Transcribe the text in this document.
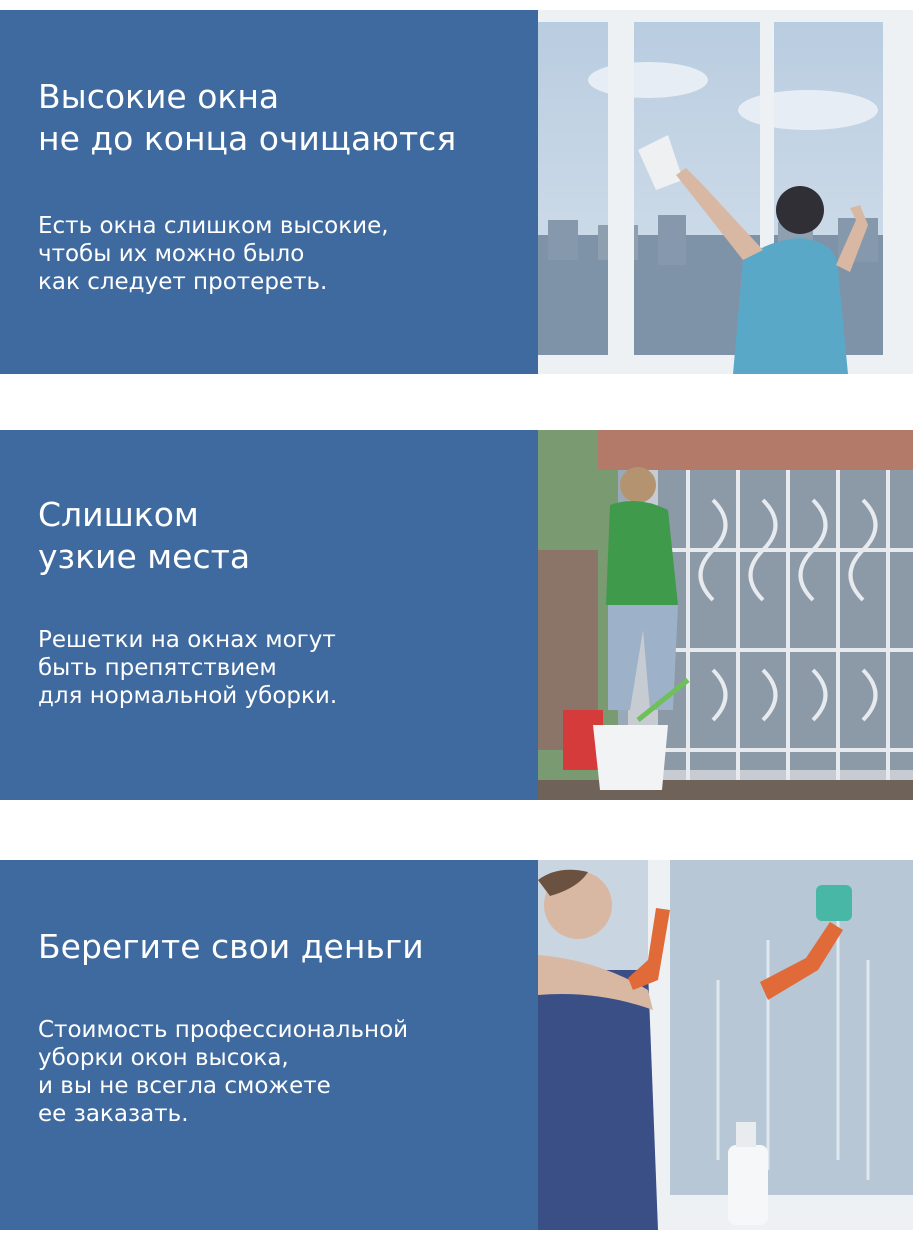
Высокие окна
не до конца очищаются

Есть окна слишком высокие,
чтобы их можно было
как следует протереть.

Слишком
узкие места

Решетки на окнах могут
быть препятствием
для нормальной уборки.

Берегите свои деньги

Стоимость профессиональной
уборки окон высока,
и вы не всегла сможете
ее заказать.
